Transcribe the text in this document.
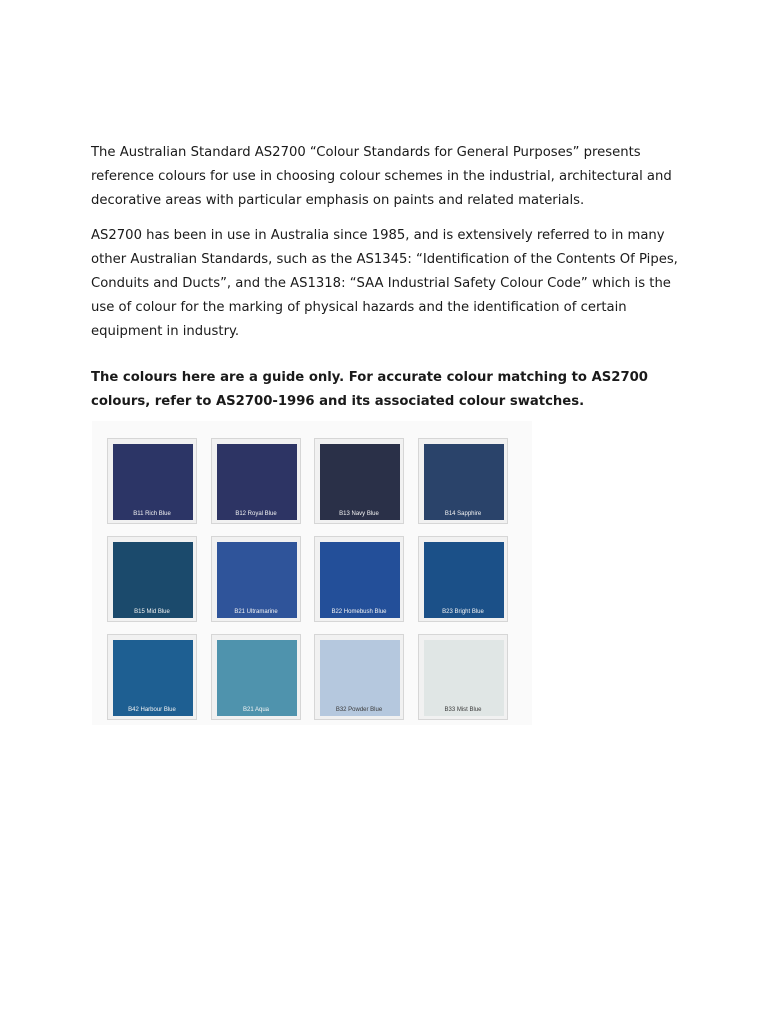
The Australian Standard AS2700 “Colour Standards for General Purposes” presents reference colours for use in choosing colour schemes in the industrial, architectural and decorative areas with particular emphasis on paints and related materials.

AS2700 has been in use in Australia since 1985, and is extensively referred to in many other Australian Standards, such as the AS1345: “Identification of the Contents Of Pipes, Conduits and Ducts”, and the AS1318: “SAA Industrial Safety Colour Code” which is the use of colour for the marking of physical hazards and the identification of certain equipment in industry.

The colours here are a guide only. For accurate colour matching to AS2700 colours, refer to AS2700-1996 and its associated colour swatches.

B11 Rich Blue	B12 Royal Blue	B13 Navy Blue	B14 Sapphire
B15 Mid Blue	B21 Ultramarine	B22 Homebush Blue	B23 Bright Blue
B42 Harbour Blue	B21 Aqua	B32 Powder Blue	B33 Mist Blue
